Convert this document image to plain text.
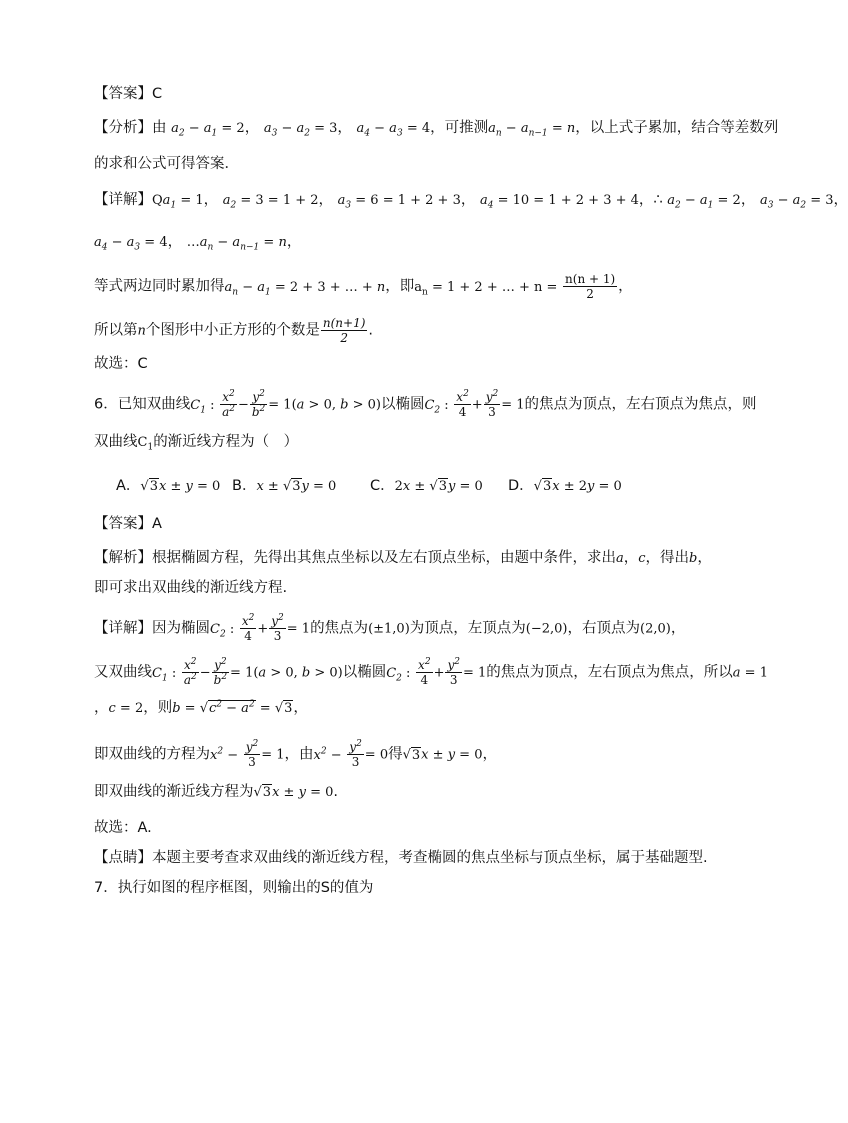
【答案】C
【分析】由 $a_2 - a_1 = 2$， $a_3 - a_2 = 3$， $a_4 - a_3 = 4$，可推测$a_n - a_{n-1} = n$，以上式子累加，结合等差数列
的求和公式可得答案．
【详解】$Qa_1 = 1$， $a_2 = 3 = 1 + 2$， $a_3 = 6 = 1 + 2 + 3$， $a_4 = 10 = 1 + 2 + 3 + 4$，∴ $a_2 - a_1 = 2$， $a_3 - a_2 = 3$，
$a_4 - a_3 = 4$， $\dots a_n - a_{n-1} = n$，
等式两边同时累加得$a_n - a_1 = 2 + 3$ + … + n，即$a_n = 1 + 2$ + … + $n = \frac{n(n + 1)}{2}$ ，
所以第n个图形中小正方形的个数是 $\frac{n(n+1)}{2}$ .
故选：C
6．已知双曲线$C_1$ : $\frac{x^2}{a^2} - \frac{y^2}{b^2} = 1(a > 0$, b > 0)以椭圆$C_2$ : $\frac{x^2}{4} + \frac{y^2}{3} = 1$的焦点为顶点，左右顶点为焦点，则
双曲线$C_1$的渐近线方程为（　）
A．√3x ± y = 0 B．x ± √3y = 0 C．2x ± √3y = 0 D．√3x ± 2y = 0
【答案】A
【解析】根据椭圆方程，先得出其焦点坐标以及左右顶点坐标，由题中条件，求出a，c，得出b，
即可求出双曲线的渐近线方程.
【详解】因为椭圆$C_2$ : $\frac{x^2}{4} + \frac{y^2}{3} = 1$的焦点为(±1,0)为顶点，左顶点为(−2,0)，右顶点为(2,0)，
又双曲线$C_1$ : $\frac{x^2}{a^2} - \frac{y^2}{b^2} = 1(a > 0$, b > 0)以椭圆$C_2$ : $\frac{x^2}{4} + \frac{y^2}{3} = 1$的焦点为顶点，左右顶点为焦点，所以a = 1
，c = 2，则$b = √c^2 - a^2 = √3$，
即双曲线的方程为$x^2 - \frac{y^2}{3} = 1$，由$x^2 - \frac{y^2}{3} = 0$得√3x ± y = 0，
即双曲线的渐近线方程为√3x ± y = 0.
故选：A.
【点睛】本题主要考查求双曲线的渐近线方程，考查椭圆的焦点坐标与顶点坐标，属于基础题型.
7．执行如图的程序框图，则输出的S的值为
